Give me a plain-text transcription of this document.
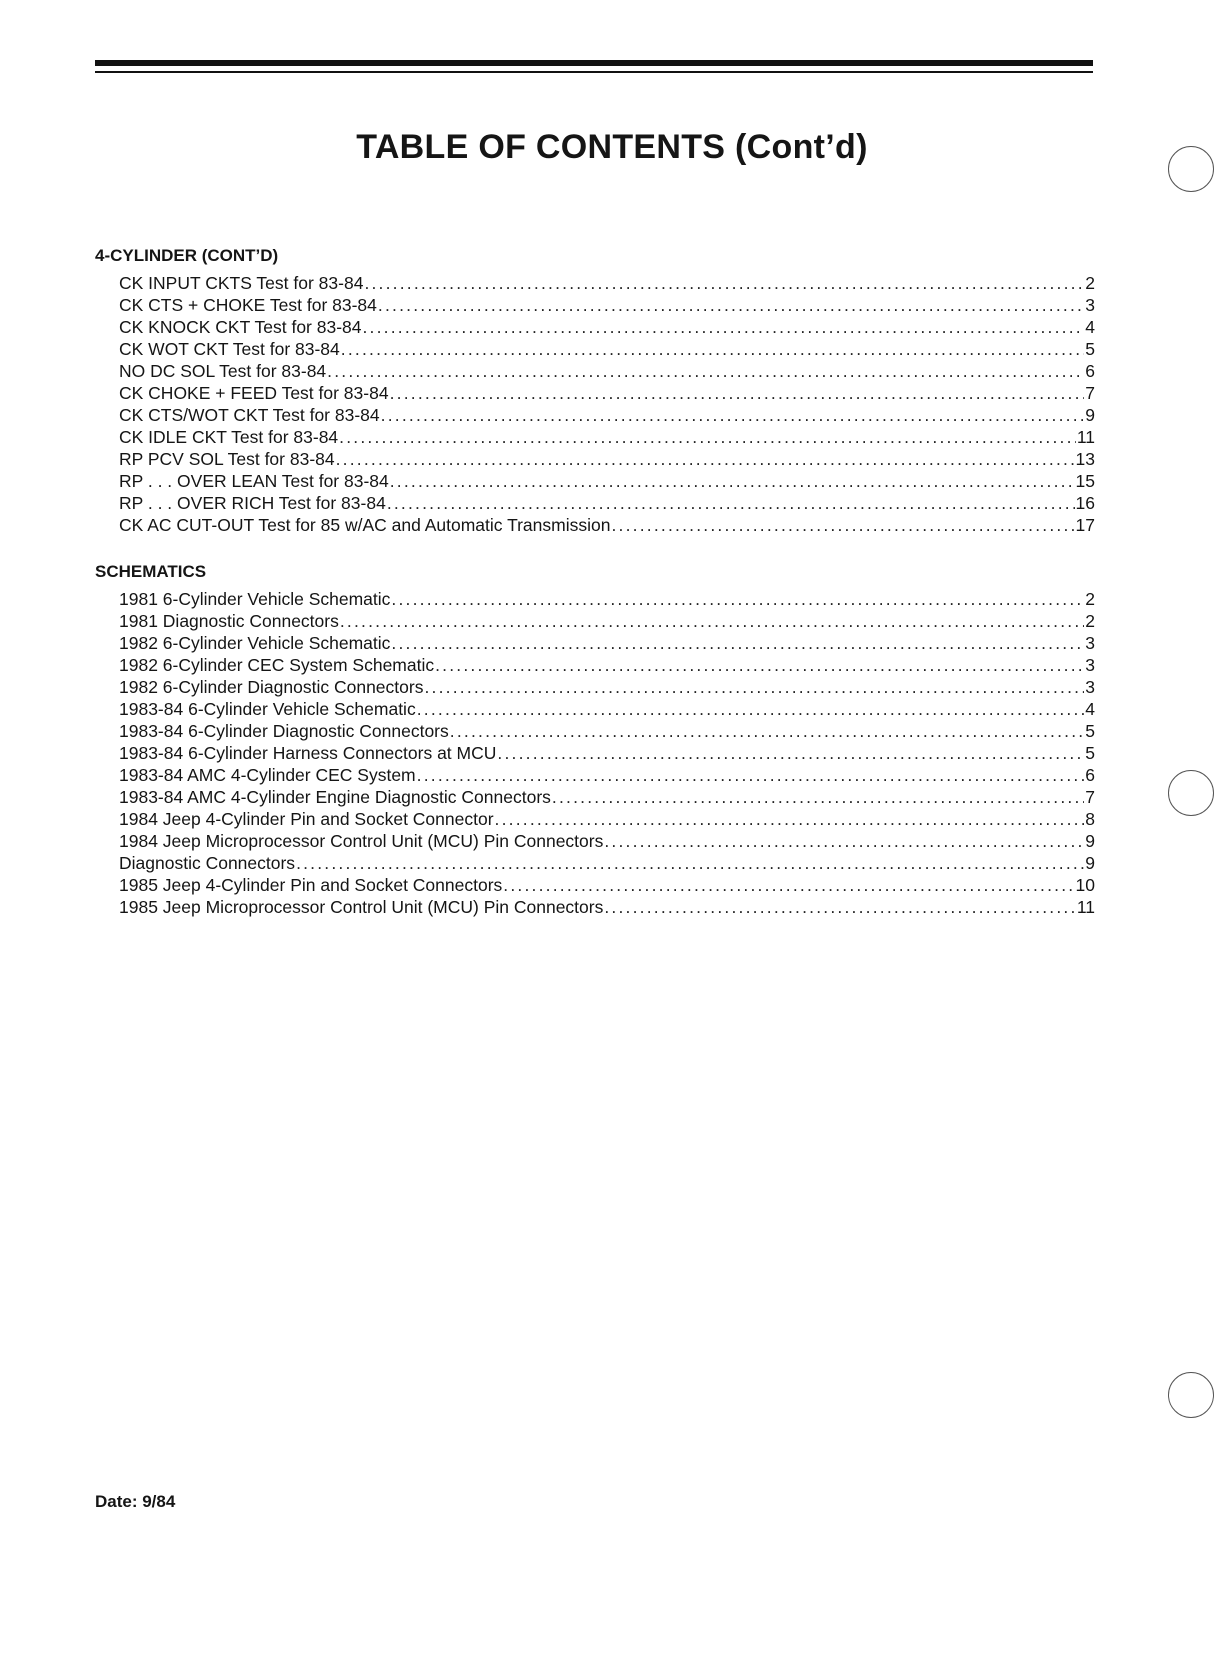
TABLE OF CONTENTS (Cont’d)
4-CYLINDER (CONT’D)
CK INPUT CKTS Test for 83-84 .....	2
CK CTS + CHOKE Test for 83-84 .....	3
CK KNOCK CKT Test for 83-84 .....	4
CK WOT CKT Test for 83-84 .....	5
NO DC SOL Test for 83-84 .....	6
CK CHOKE + FEED Test for 83-84 .....	7
CK CTS/WOT CKT Test for 83-84 .....	9
CK IDLE CKT Test for 83-84 .....	11
RP PCV SOL Test for 83-84 .....	13
RP . . . OVER LEAN Test for 83-84 .....	15
RP . . . OVER RICH Test for 83-84 .....	16
CK AC CUT-OUT Test for 85 w/AC and Automatic Transmission .....	17
SCHEMATICS
1981 6-Cylinder Vehicle Schematic .....	2
1981 Diagnostic Connectors .....	2
1982 6-Cylinder Vehicle Schematic .....	3
1982 6-Cylinder CEC System Schematic .....	3
1982 6-Cylinder Diagnostic Connectors .....	3
1983-84 6-Cylinder Vehicle Schematic .....	4
1983-84 6-Cylinder Diagnostic Connectors .....	5
1983-84 6-Cylinder Harness Connectors at MCU .....	5
1983-84 AMC 4-Cylinder CEC System .....	6
1983-84 AMC 4-Cylinder Engine Diagnostic Connectors .....	7
1984 Jeep 4-Cylinder Pin and Socket Connector .....	8
1984 Jeep Microprocessor Control Unit (MCU) Pin Connectors .....	9
Diagnostic Connectors .....	9
1985 Jeep 4-Cylinder Pin and Socket Connectors .....	10
1985 Jeep Microprocessor Control Unit (MCU) Pin Connectors .....	11
Date: 9/84
